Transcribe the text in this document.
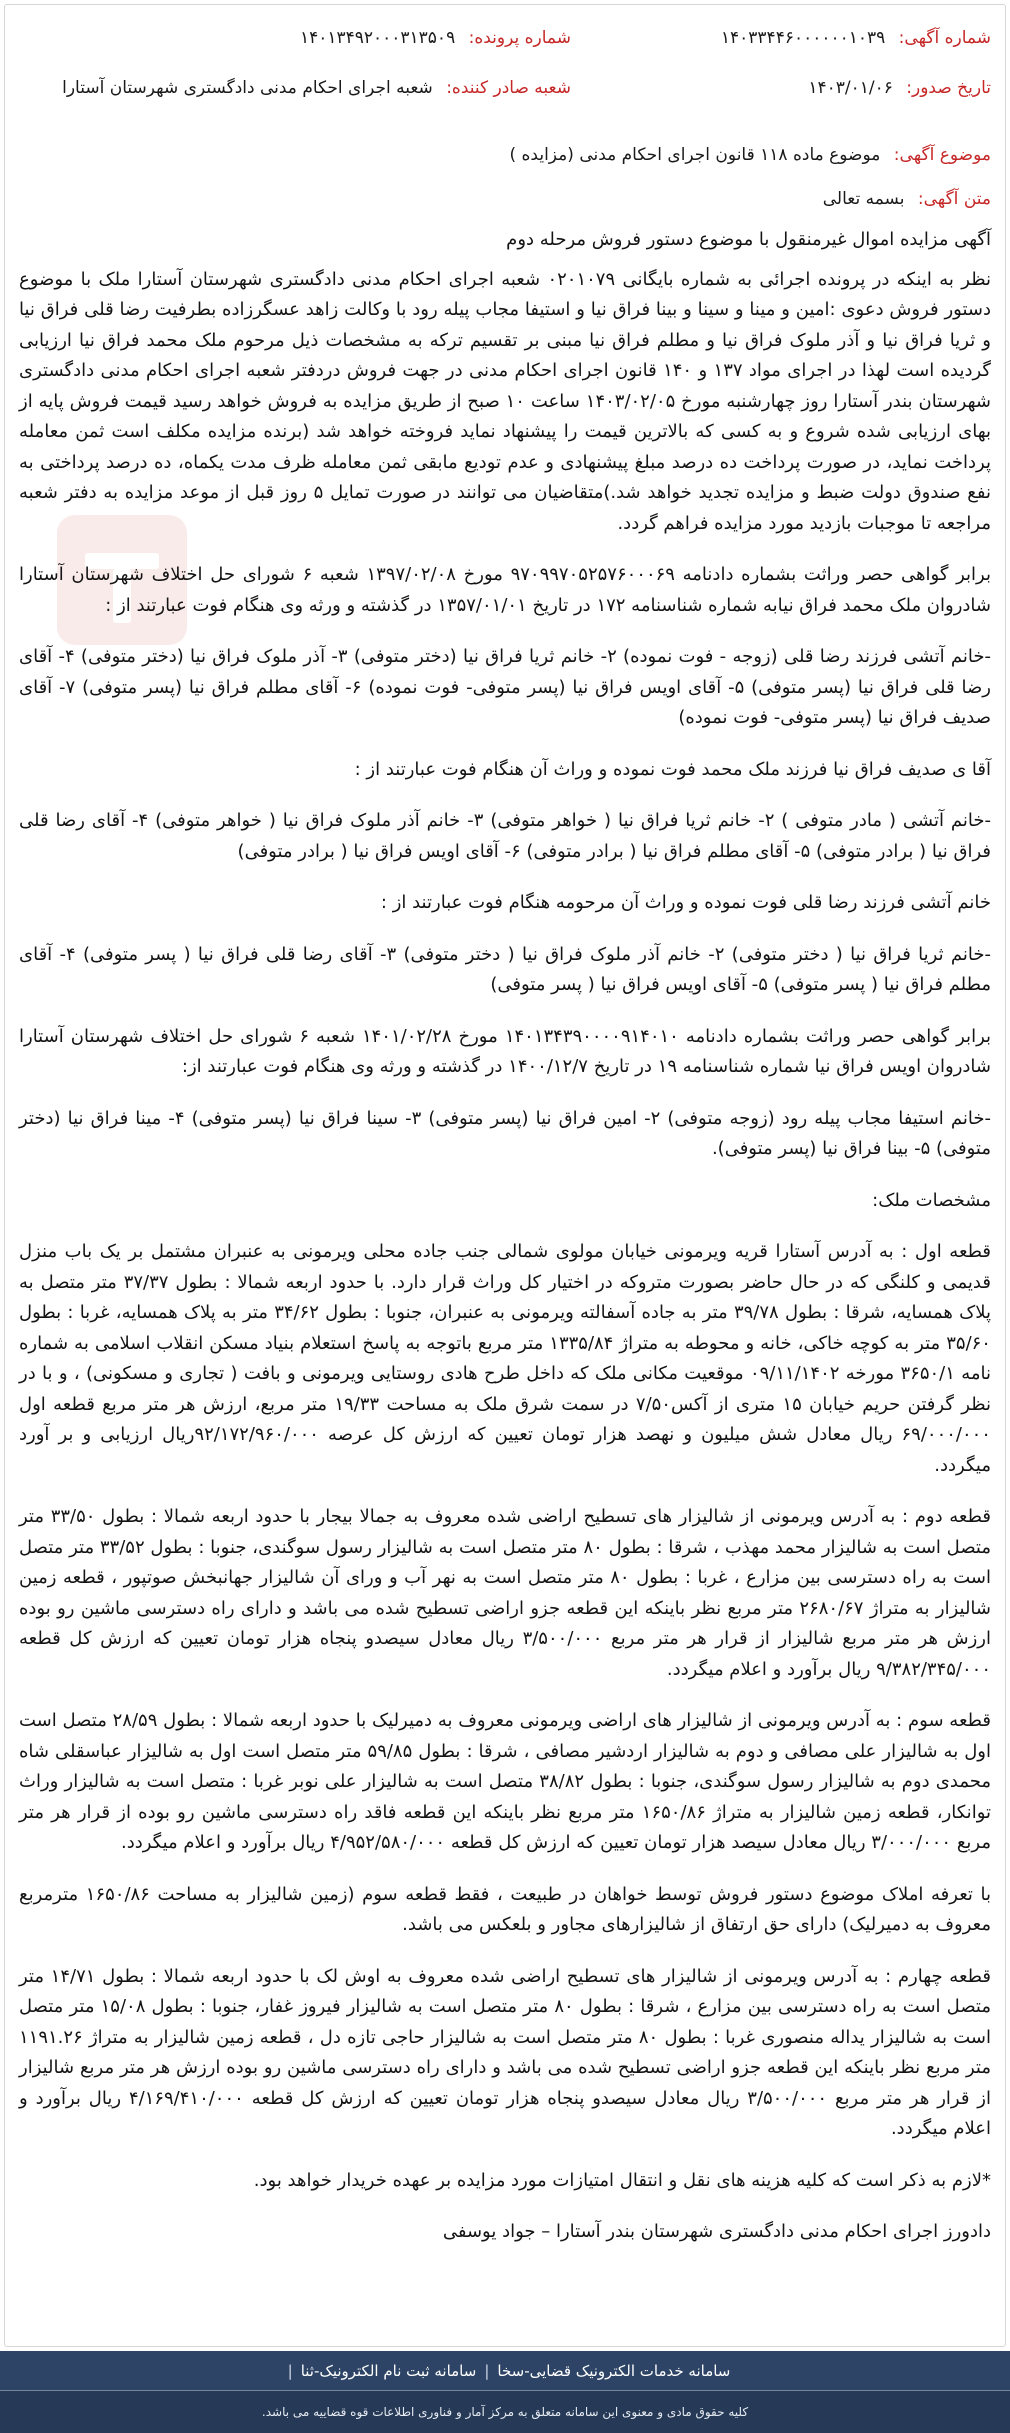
شماره آگهی: ۱۴۰۳۳۴۴۶۰۰۰۰۰۰۱۰۳۹
شماره پرونده: ۱۴۰۱۳۴۹۲۰۰۰۳۱۳۵۰۹
تاریخ صدور: ۱۴۰۳/۰۱/۰۶
شعبه صادر کننده: شعبه اجرای احکام مدنی دادگستری شهرستان آستارا
موضوع آگهی: موضوع ماده ۱۱۸ قانون اجرای احکام مدنی (مزایده )
متن آگهی: بسمه تعالی

آگهی مزایده اموال غیرمنقول با موضوع دستور فروش مرحله دوم

نظر به اینکه در پرونده اجرائی به شماره بایگانی ۰۲۰۱۰۷۹ شعبه اجرای احکام مدنی دادگستری شهرستان آستارا ملک با موضوع دستور فروش دعوی :امین و مینا و سینا و بینا فراق نیا و استیفا مجاب پیله رود با وکالت زاهد عسگرزاده بطرفیت رضا قلی فراق نیا و ثریا فراق نیا و آذر ملوک فراق نیا و مطلم فراق نیا مبنی بر تقسیم ترکه به مشخصات ذیل مرحوم ملک محمد فراق نیا ارزیابی گردیده است لهذا در اجرای مواد ۱۳۷ و ۱۴۰ قانون اجرای احکام مدنی در جهت فروش دردفتر شعبه اجرای احکام مدنی دادگستری شهرستان بندر آستارا روز چهارشنبه مورخ ۱۴۰۳/۰۲/۰۵ ساعت ۱۰ صبح از طریق مزایده به فروش خواهد رسید قیمت فروش پایه از بهای ارزیابی شده شروع و به کسی که بالاترین قیمت را پیشنهاد نماید فروخته خواهد شد (برنده مزایده مکلف است ثمن معامله پرداخت نماید، در صورت پرداخت ده درصد مبلغ پیشنهادی و عدم تودیع مابقی ثمن معامله ظرف مدت یکماه، ده درصد پرداختی به نفع صندوق دولت ضبط و مزایده تجدید خواهد شد.)متقاضیان می توانند در صورت تمایل ۵ روز قبل از موعد مزایده به دفتر شعبه مراجعه تا موجبات بازدید مورد مزایده فراهم گردد.

برابر گواهی حصر وراثت بشماره دادنامه ۹۷۰۹۹۷۰۵۲۵۷۶۰۰۰۶۹ مورخ ۱۳۹۷/۰۲/۰۸ شعبه ۶ شورای حل اختلاف شهرستان آستارا شادروان ملک محمد فراق نیابه شماره شناسنامه ۱۷۲ در تاریخ ۱۳۵۷/۰۱/۰۱ در گذشته و ورثه وی هنگام فوت عبارتند از :

-خانم آتشی فرزند رضا قلی (زوجه - فوت نموده) ۲- خانم ثریا فراق نیا (دختر متوفی) ۳- آذر ملوک فراق نیا (دختر متوفی) ۴- آقای رضا قلی فراق نیا (پسر متوفی) ۵- آقای اویس فراق نیا (پسر متوفی- فوت نموده) ۶- آقای مطلم فراق نیا (پسر متوفی) ۷- آقای صدیف فراق نیا (پسر متوفی- فوت نموده)

آقا ی صدیف فراق نیا فرزند ملک محمد فوت نموده و وراث آن هنگام فوت عبارتند از :

-خانم آتشی ( مادر متوفی ) ۲- خانم ثریا فراق نیا ( خواهر متوفی) ۳- خانم آذر ملوک فراق نیا ( خواهر متوفی) ۴- آقای رضا قلی فراق نیا ( برادر متوفی) ۵- آقای مطلم فراق نیا ( برادر متوفی) ۶- آقای اویس فراق نیا ( برادر متوفی)

خانم آتشی فرزند رضا قلی فوت نموده و وراث آن مرحومه هنگام فوت عبارتند از :

-خانم ثریا فراق نیا ( دختر متوفی) ۲- خانم آذر ملوک فراق نیا ( دختر متوفی) ۳- آقای رضا قلی فراق نیا ( پسر متوفی) ۴- آقای مطلم فراق نیا ( پسر متوفی) ۵- آقای اویس فراق نیا ( پسر متوفی)

برابر گواهی حصر وراثت بشماره دادنامه ۱۴۰۱۳۴۳۹۰۰۰۰۹۱۴۰۱۰ مورخ ۱۴۰۱/۰۲/۲۸ شعبه ۶ شورای حل اختلاف شهرستان آستارا شادروان اویس فراق نیا شماره شناسنامه ۱۹ در تاریخ ۱۴۰۰/۱۲/۷ در گذشته و ورثه وی هنگام فوت عبارتند از:

-خانم استیفا مجاب پیله رود (زوجه متوفی) ۲- امین فراق نیا (پسر متوفی) ۳- سینا فراق نیا (پسر متوفی) ۴- مینا فراق نیا (دختر متوفی) ۵- بینا فراق نیا (پسر متوفی).

مشخصات ملک:

قطعه اول : به آدرس آستارا قریه ویرمونی خیابان مولوی شمالی جنب جاده محلی ویرمونی به عنبران مشتمل بر یک باب منزل قدیمی و کلنگی که در حال حاضر بصورت متروکه در اختیار کل وراث قرار دارد. با حدود اربعه شمالا : بطول ۳۷/۳۷ متر متصل به پلاک همسایه، شرقا : بطول ۳۹/۷۸ متر به جاده آسفالته ویرمونی به عنبران، جنوبا : بطول ۳۴/۶۲ متر به پلاک همسایه، غربا : بطول ۳۵/۶۰ متر به کوچه خاکی، خانه و محوطه به متراژ ۱۳۳۵/۸۴ متر مربع باتوجه به پاسخ استعلام بنیاد مسکن انقلاب اسلامی به شماره نامه ۳۶۵۰/۱ مورخه ۰۹/۱۱/۱۴۰۲ موقعیت مکانی ملک که داخل طرح هادی روستایی ویرمونی و بافت ( تجاری و مسکونی) ، و با در نظر گرفتن حریم خیابان ۱۵ متری از آکس۷/۵۰ در سمت شرق ملک به مساحت ۱۹/۳۳ متر مربع، ارزش هر متر مربع قطعه اول ۶۹/۰۰۰/۰۰۰ ریال معادل شش میلیون و نهصد هزار تومان تعیین که ارزش کل عرصه ۹۲/۱۷۲/۹۶۰/۰۰۰ریال ارزیابی و بر آورد میگردد.

قطعه دوم : به آدرس ویرمونی از شالیزار های تسطیح اراضی شده معروف به جمالا بیجار با حدود اربعه شمالا : بطول ۳۳/۵۰ متر متصل است به شالیزار محمد مهذب ، شرقا : بطول ۸۰ متر متصل است به شالیزار رسول سوگندی، جنوبا : بطول ۳۳/۵۲ متر متصل است به راه دسترسی بین مزارع ، غربا : بطول ۸۰ متر متصل است به نهر آب و ورای آن شالیزار جهانبخش صوتپور ، قطعه زمین شالیزار به متراژ ۲۶۸۰/۶۷ متر مربع نظر باینکه این قطعه جزو اراضی تسطیح شده می باشد و دارای راه دسترسی ماشین رو بوده ارزش هر متر مربع شالیزار از قرار هر متر مربع ۳/۵۰۰/۰۰۰ ریال معادل سیصدو پنجاه هزار تومان تعیین که ارزش کل قطعه ۹/۳۸۲/۳۴۵/۰۰۰ ریال برآورد و اعلام میگردد.

قطعه سوم : به آدرس ویرمونی از شالیزار های اراضی ویرمونی معروف به دمیرلیک با حدود اربعه شمالا : بطول ۲۸/۵۹ متصل است اول به شالیزار علی مصافی و دوم به شالیزار اردشیر مصافی ، شرقا : بطول ۵۹/۸۵ متر متصل است اول به شالیزار عباسقلی شاه محمدی دوم به شالیزار رسول سوگندی، جنوبا : بطول ۳۸/۸۲ متصل است به شالیزار علی نوبر غربا : متصل است به شالیزار وراث توانکار، قطعه زمین شالیزار به متراژ ۱۶۵۰/۸۶ متر مربع نظر باینکه این قطعه فاقد راه دسترسی ماشین رو بوده از قرار هر متر مربع ۳/۰۰۰/۰۰۰ ریال معادل سیصد هزار تومان تعیین که ارزش کل قطعه ۴/۹۵۲/۵۸۰/۰۰۰ ریال برآورد و اعلام میگردد.

با تعرفه املاک موضوع دستور فروش توسط خواهان در طبیعت ، فقط قطعه سوم (زمین شالیزار به مساحت ۱۶۵۰/۸۶ مترمربع معروف به دمیرلیک) دارای حق ارتفاق از شالیزارهای مجاور و بلعکس می باشد.

قطعه چهارم : به آدرس ویرمونی از شالیزار های تسطیح اراضی شده معروف به اوش لک با حدود اربعه شمالا : بطول ۱۴/۷۱ متر متصل است به راه دسترسی بین مزارع ، شرقا : بطول ۸۰ متر متصل است به شالیزار فیروز غفار، جنوبا : بطول ۱۵/۰۸ متر متصل است به شالیزار یداله منصوری غربا : بطول ۸۰ متر متصل است به شالیزار حاجی تازه دل ، قطعه زمین شالیزار به متراژ ۱۱۹۱.۲۶ متر مربع نظر باینکه این قطعه جزو اراضی تسطیح شده می باشد و دارای راه دسترسی ماشین رو بوده ارزش هر متر مربع شالیزار از قرار هر متر مربع ۳/۵۰۰/۰۰۰ ریال معادل سیصدو پنجاه هزار تومان تعیین که ارزش کل قطعه ۴/۱۶۹/۴۱۰/۰۰۰ ریال برآورد و اعلام میگردد.

*لازم به ذکر است که کلیه هزینه های نقل و انتقال امتیازات مورد مزایده بر عهده خریدار خواهد بود.

دادورز اجرای احکام مدنی دادگستری شهرستان بندر آستارا – جواد یوسفی

سامانه خدمات الکترونیک قضایی-سخا
|
سامانه ثبت نام الکترونیک-ثنا
|
کلیه حقوق مادی و معنوی این سامانه متعلق به مرکز آمار و فناوری اطلاعات قوه قضاییه می باشد.
